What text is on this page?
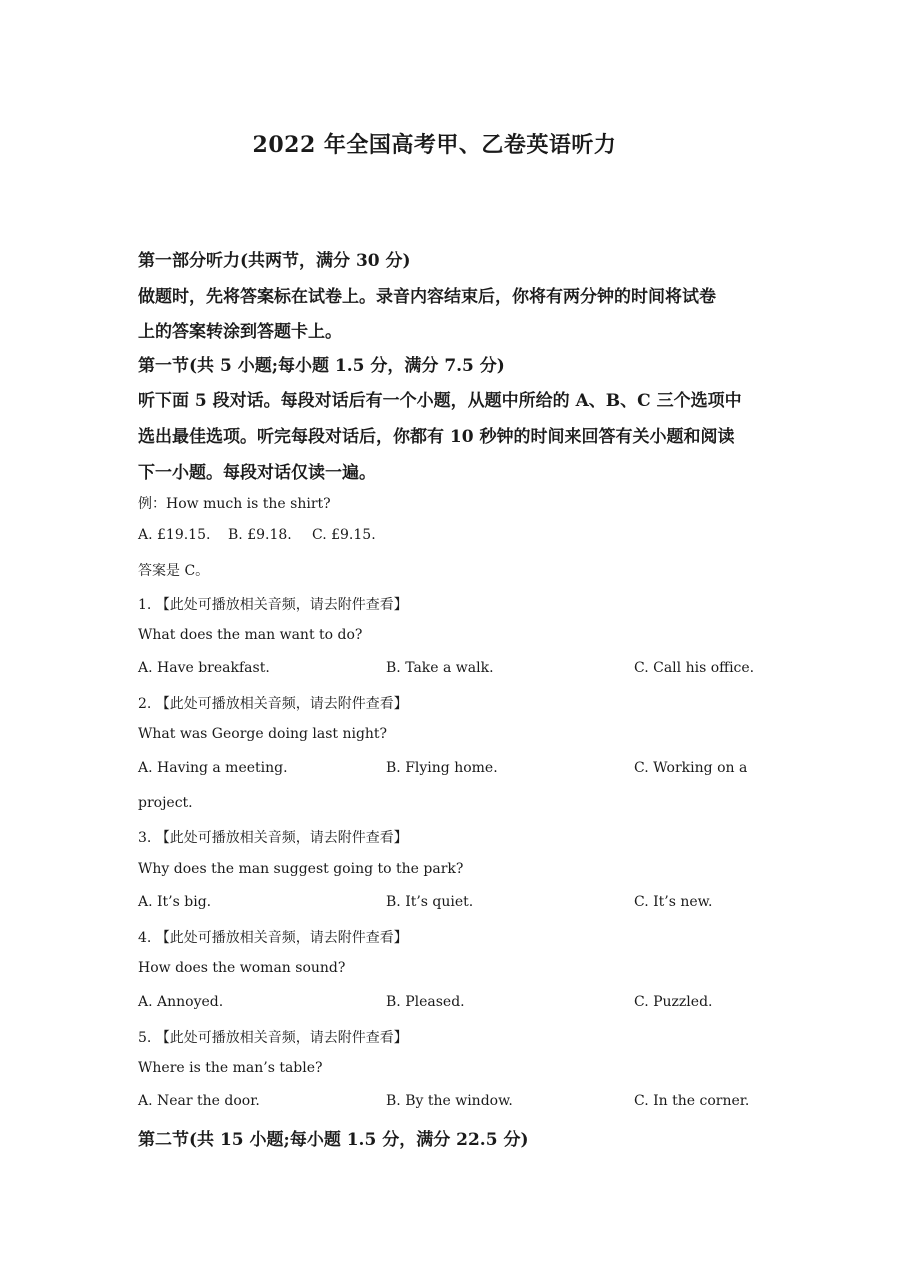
2022 年全国高考甲、乙卷英语听力
第一部分听力(共两节，满分 30 分)
做题时，先将答案标在试卷上。录音内容结束后，你将有两分钟的时间将试卷
上的答案转涂到答题卡上。
第一节(共 5 小题;每小题 1.5 分，满分 7.5 分)
听下面 5 段对话。每段对话后有一个小题，从题中所给的 A、B、C 三个选项中
选出最佳选项。听完每段对话后，你都有 10 秒钟的时间来回答有关小题和阅读
下一小题。每段对话仅读一遍。
例：How much is the shirt?
A. £19.15. B. £9.18. C. £9.15.
答案是 C。
1. 【此处可播放相关音频，请去附件查看】
What does the man want to do?
A. Have breakfast.	B. Take a walk.	C. Call his office.
2. 【此处可播放相关音频，请去附件查看】
What was George doing last night?
A. Having a meeting.	B. Flying home.	C. Working on a
project.
3. 【此处可播放相关音频，请去附件查看】
Why does the man suggest going to the park?
A. It’s big.	B. It’s quiet.	C. It’s new.
4. 【此处可播放相关音频，请去附件查看】
How does the woman sound?
A. Annoyed.	B. Pleased.	C. Puzzled.
5. 【此处可播放相关音频，请去附件查看】
Where is the man’s table?
A. Near the door.	B. By the window.	C. In the corner.
第二节(共 15 小题;每小题 1.5 分，满分 22.5 分)
